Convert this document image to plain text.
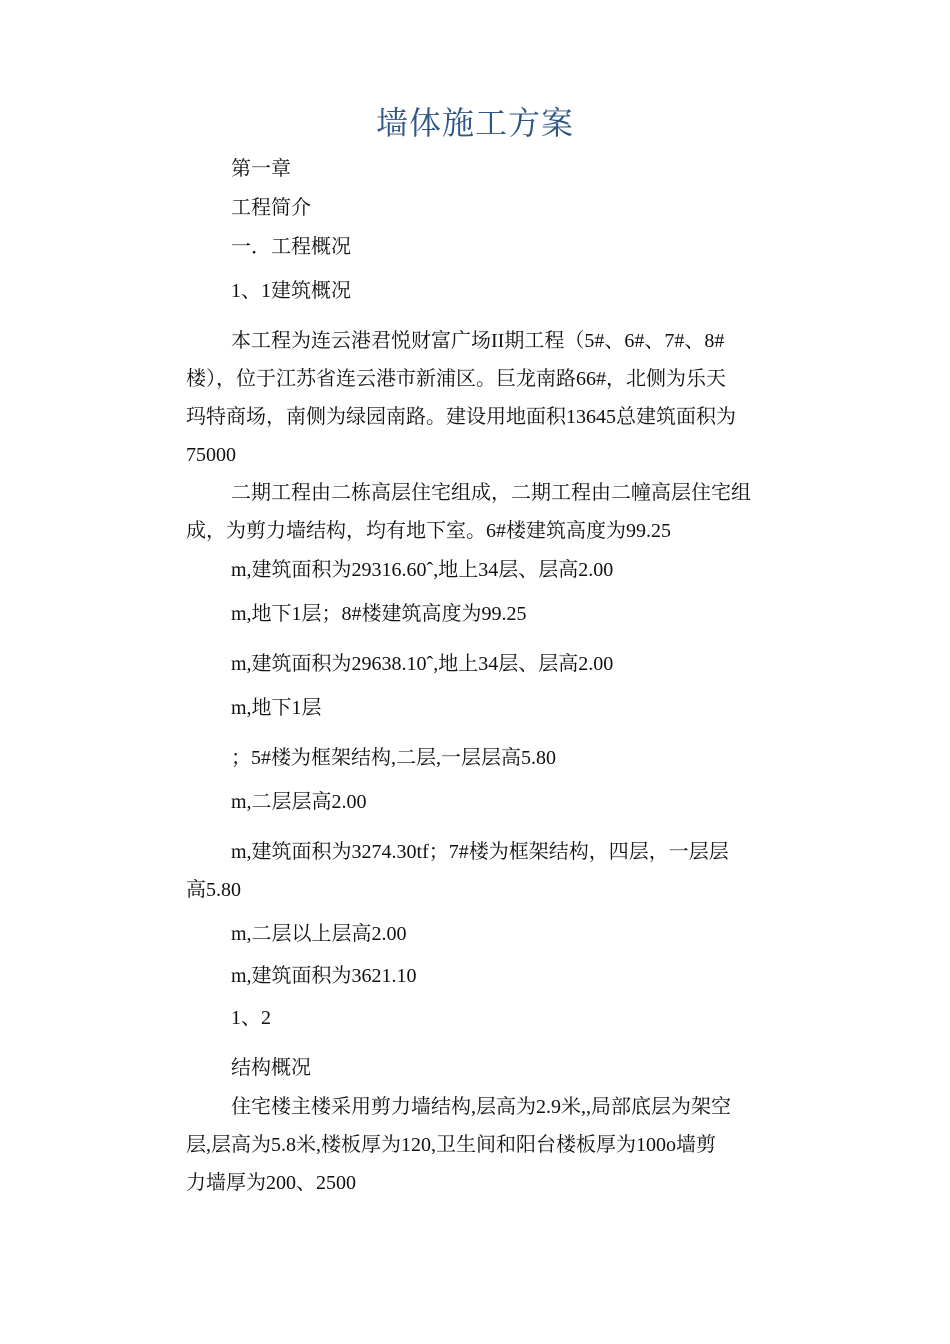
墙体施工方案
第一章
工程简介
一．工程概况
1、1建筑概况
本工程为连云港君悦财富广场II期工程（5#、6#、7#、8#
楼），位于江苏省连云港市新浦区。巨龙南路66#，北侧为乐天
玛特商场，南侧为绿园南路。建设用地面积13645总建筑面积为
75000
二期工程由二栋高层住宅组成，二期工程由二幢高层住宅组
成，为剪力墙结构，均有地下室。6#楼建筑高度为99.25
m,建筑面积为29316.60ˆ,地上34层、层高2.00
m,地下1层；8#楼建筑高度为99.25
m,建筑面积为29638.10ˆ,地上34层、层高2.00
m,地下1层
；5#楼为框架结构,二层,一层层高5.80
m,二层层高2.00
m,建筑面积为3274.30tf；7#楼为框架结构，四层，一层层
高5.80
m,二层以上层高2.00
m,建筑面积为3621.10
1、2
结构概况
住宅楼主楼采用剪力墙结构,层高为2.9米,,局部底层为架空
层,层高为5.8米,楼板厚为120,卫生间和阳台楼板厚为100o墙剪
力墙厚为200、2500
